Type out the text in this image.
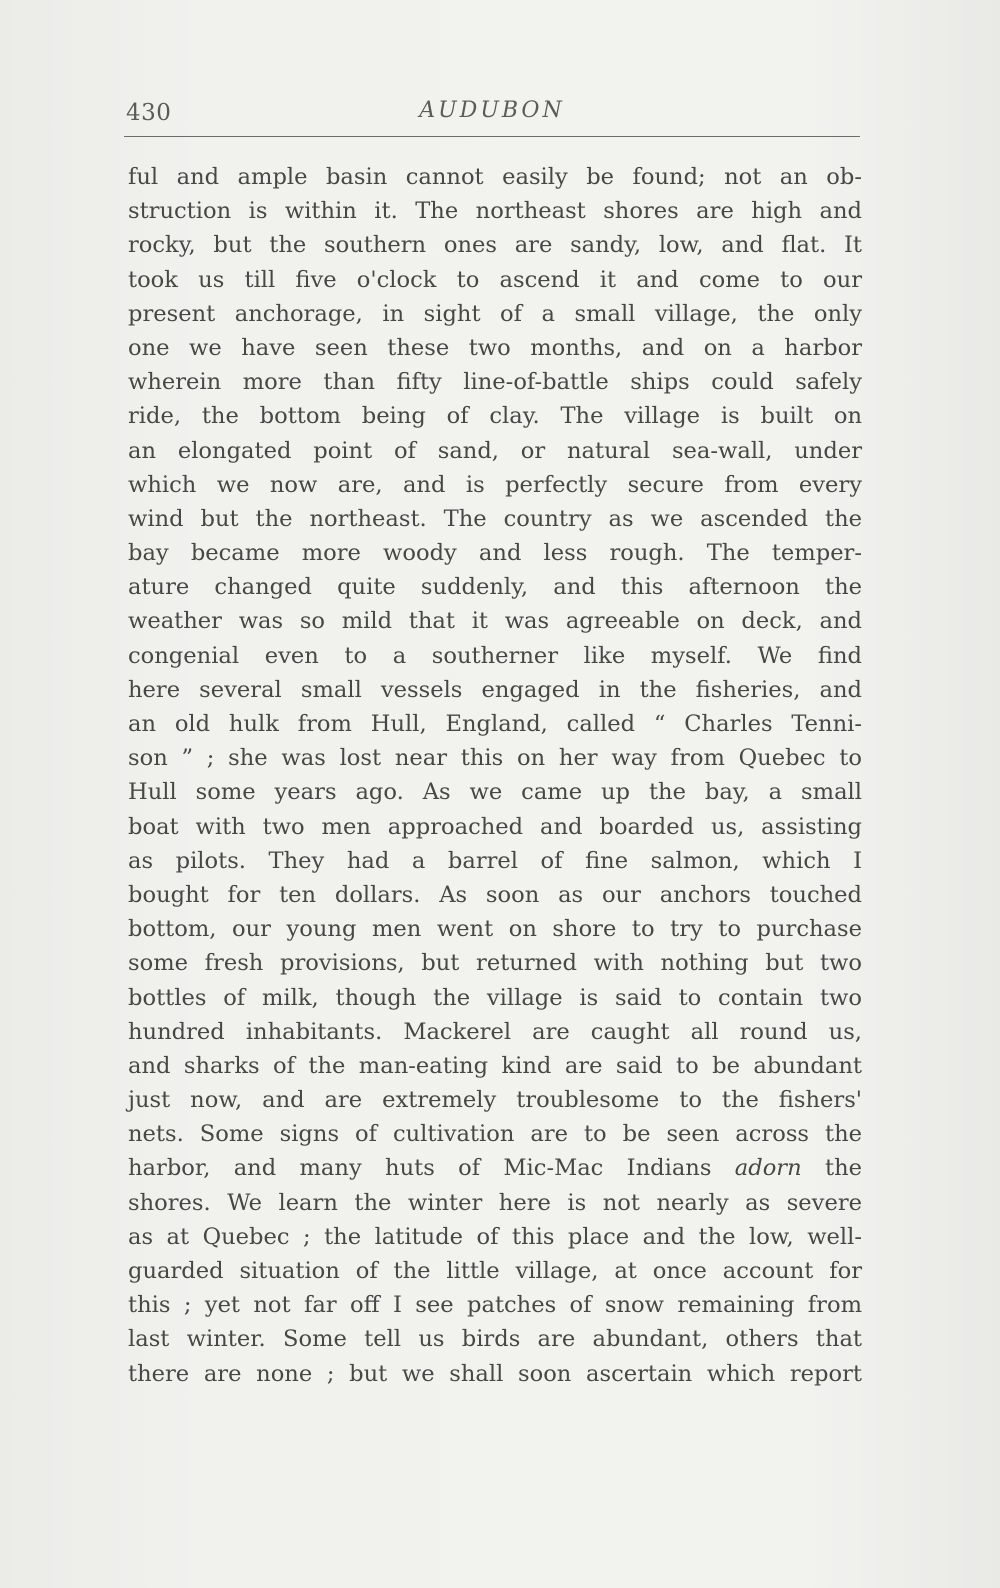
430	AUDUBON
ful and ample basin cannot easily be found; not an ob-
struction is within it. The northeast shores are high and
rocky, but the southern ones are sandy, low, and flat. It
took us till five o'clock to ascend it and come to our
present anchorage, in sight of a small village, the only
one we have seen these two months, and on a harbor
wherein more than fifty line-of-battle ships could safely
ride, the bottom being of clay. The village is built on
an elongated point of sand, or natural sea-wall, under
which we now are, and is perfectly secure from every
wind but the northeast. The country as we ascended the
bay became more woody and less rough. The temper-
ature changed quite suddenly, and this afternoon the
weather was so mild that it was agreeable on deck, and
congenial even to a southerner like myself. We find
here several small vessels engaged in the fisheries, and
an old hulk from Hull, England, called “ Charles Tenni-
son ” ; she was lost near this on her way from Quebec to
Hull some years ago. As we came up the bay, a small
boat with two men approached and boarded us, assisting
as pilots. They had a barrel of fine salmon, which I
bought for ten dollars. As soon as our anchors touched
bottom, our young men went on shore to try to purchase
some fresh provisions, but returned with nothing but two
bottles of milk, though the village is said to contain two
hundred inhabitants. Mackerel are caught all round us,
and sharks of the man-eating kind are said to be abundant
just now, and are extremely troublesome to the fishers'
nets. Some signs of cultivation are to be seen across the
harbor, and many huts of Mic-Mac Indians adorn the
shores. We learn the winter here is not nearly as severe
as at Quebec ; the latitude of this place and the low, well-
guarded situation of the little village, at once account for
this ; yet not far off I see patches of snow remaining from
last winter. Some tell us birds are abundant, others that
there are none ; but we shall soon ascertain which report
